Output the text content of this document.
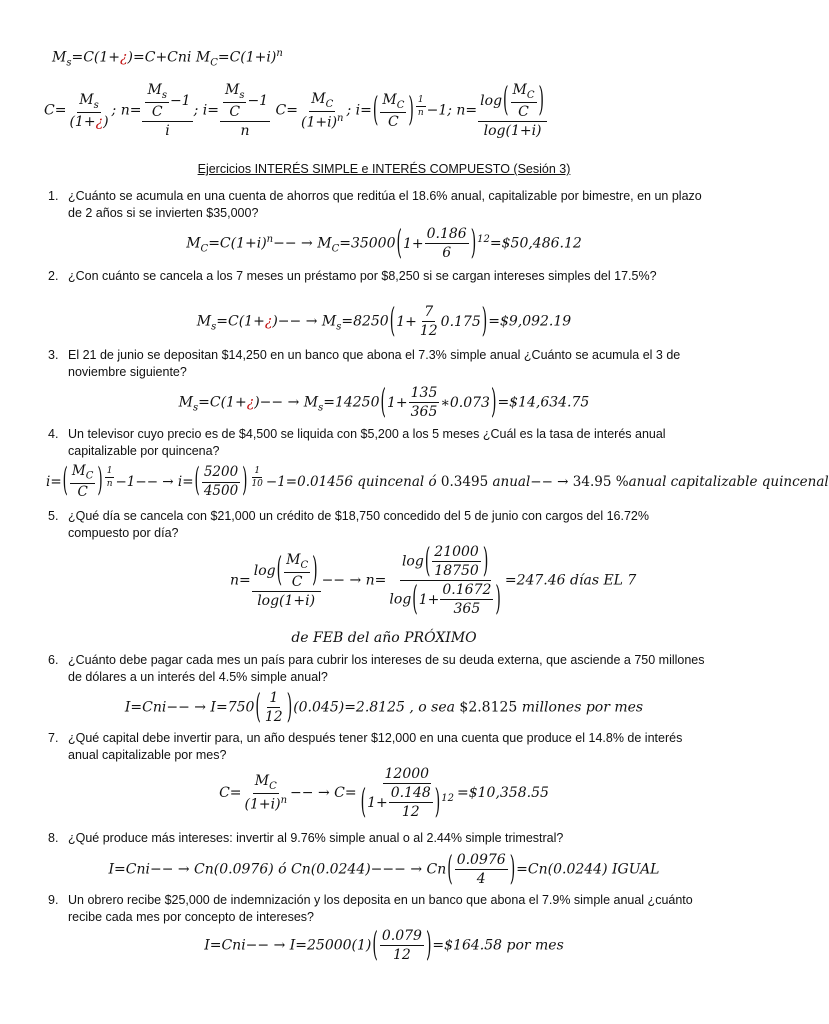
$M_s=C(1+¿)=C+Cni$ $M_C=C(1+i)^n$
$C= \frac{M_s}{(1+¿)}$ ; $n= \frac{M_s}{C} -1$
i
; $i= \frac{M_s}{C} -1$
n
$C= \frac{M_C}{(1+i)^n}$ ; i= ( $M_C$
C ) $^{\frac{1}{n}}$ −1; n=
log ( $M_C$
C )
log(1+i)
Ejercicios INTERÉS SIMPLE e INTERÉS COMPUESTO (Sesión 3)
1. ¿Cuánto se acumula en una cuenta de ahorros que reditúa el 18.6% anual, capitalizable por bimestre, en un plazo de 2 años si se invierten $35,000?
$M_C=C(1+i)^n-- \to M_C=35000$ ( $1+ \frac{0.186}{6}$ ) $^{12}$=$50,486.12
2. ¿Con cuánto se cancela a los 7 meses un préstamo por $8,250 si se cargan intereses simples del 17.5%?
$M_s=C(1+¿)-- \to M_s=8250$ ( $1+ \frac{7}{12} 0.175$ ) =$9,092.19
3. El 21 de junio se depositan $14,250 en un banco que abona el 7.3% simple anual ¿Cuánto se acumula el 3 de noviembre siguiente?
$M_s=C(1+¿)-- \to M_s=14250$ ( $1+ \frac{135}{365}$ ∗0.073 ) =$14,634.75
4. Un televisor cuyo precio es de $4,500 se liquida con $5,200 a los 5 meses ¿Cuál es la tasa de interés anual capitalizable por quincena?
i= ( $M_C$
C ) $^{\frac{1}{n}}$ −1−− → i= ( $\frac{5200}{4500}$ ) $^{\frac{1}{10}}$ −1=0.01456 quincenal ó 0.3495 anual−− → 34.95 %anual capitalizable quincenal
5. ¿Qué día se cancela con $21,000 un crédito de $18,750 concedido del 5 de junio con cargos del 16.72% compuesto por día?
n=
log ( $M_C$
C )
log(1+i)
−− → $n= \frac{\log ( \frac{21000}{18750} )}{\log ( 1+ \frac{0.1672}{365} )} =247.46$ días EL 7
de FEB del año PRÓXIMO
6. ¿Cuánto debe pagar cada mes un país para cubrir los intereses de su deuda externa, que asciende a 750 millones de dólares a un interés del 4.5% simple anual?
I=Cni−− → I=750 ( $\frac{1}{12}$ ) (0.045)=2.8125 , o sea $2.8125 millones por mes
7. ¿Qué capital debe invertir para, un año después tener $12,000 en una cuenta que produce el 14.8% de interés anual capitalizable por mes?
$C= \frac{M_C}{(1+i)^n}$ −− → $C= \frac{12000}{( 1+ \frac{0.148}{12} ) ^{12}}$ =$10,358.55
8. ¿Qué produce más intereses: invertir al 9.76% simple anual o al 2.44% simple trimestral?
I=Cni−− → Cn(0.0976) ó Cn(0.0244)−−− → Cn ( $\frac{0.0976}{4}$ ) =Cn(0.0244) IGUAL
9. Un obrero recibe $25,000 de indemnización y los deposita en un banco que abona el 7.9% simple anual ¿cuánto recibe cada mes por concepto de intereses?
I=Cni−− → I=25000(1) ( $\frac{0.079}{12}$ ) =$164.58 por mes
